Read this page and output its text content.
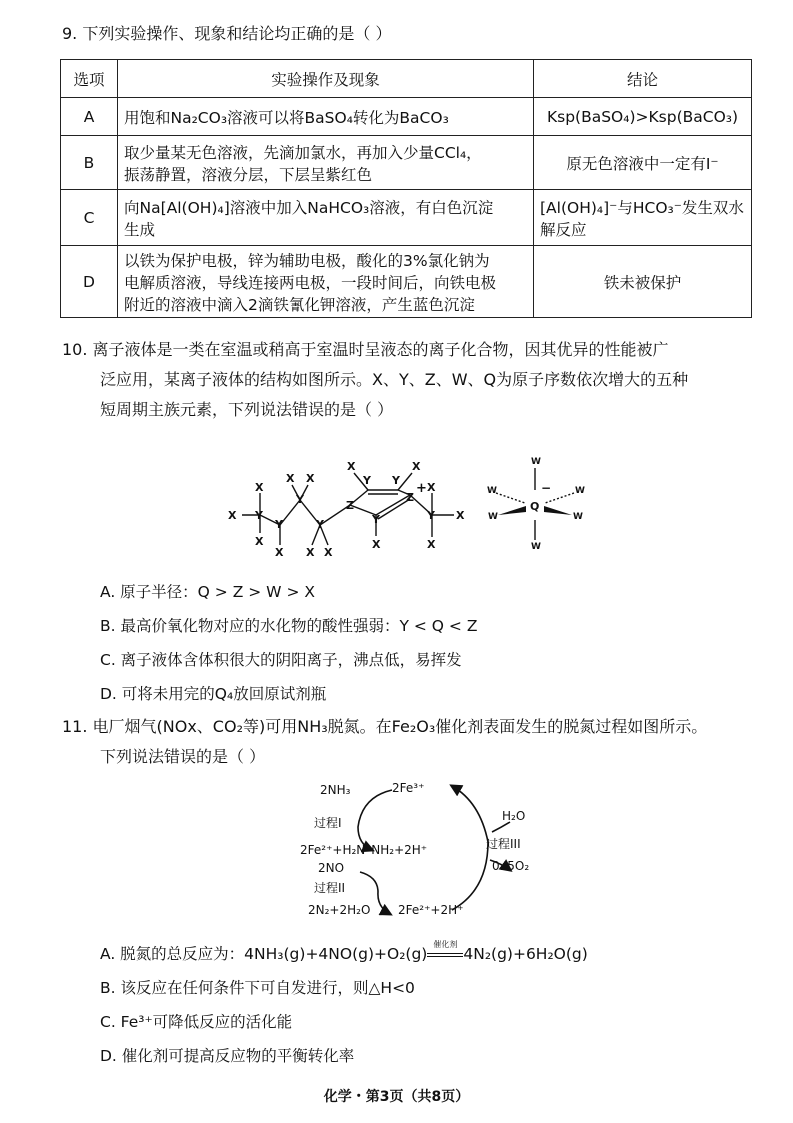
9. 下列实验操作、现象和结论均正确的是（ ）
选项	实验操作及现象	结论
A	用饱和Na₂CO₃溶液可以将BaSO₄转化为BaCO₃	Ksp(BaSO₄)>Ksp(BaCO₃)
B	取少量某无色溶液，先滴加氯水，再加入少量CCl₄，
振荡静置，溶液分层，下层呈紫红色	原无色溶液中一定有I⁻
C	向Na[Al(OH)₄]溶液中加入NaHCO₃溶液，有白色沉淀
生成	[Al(OH)₄]⁻与HCO₃⁻发生双水解反应
D	以铁为保护电极，锌为辅助电极，酸化的3%氯化钠为
电解质溶液，导线连接两电极，一段时间后，向铁电极
附近的溶液中滴入2滴铁氰化钾溶液，产生蓝色沉淀	铁未被保护
10. 离子液体是一类在室温或稍高于室温时呈液态的离子化合物，因其优异的性能被广
泛应用，某离子液体的结构如图所示。X、Y、Z、W、Q为原子序数依次增大的五种
短周期主族元素，下列说法错误的是（ ）
X
X
X
Y
Y
X
Y
X X
Y
X X
Z
Y Y
X	X
Z
+
Y
X
Y
X
X
X
W
W	W
W	W
W
Q
−
A. 原子半径：Q > Z > W > X
B. 最高价氧化物对应的水化物的酸性强弱：Y < Q < Z
C. 离子液体含体积很大的阴阳离子，沸点低，易挥发
D. 可将未用完的Q₄放回原试剂瓶
11. 电厂烟气(NOx、CO₂等)可用NH₃脱氮。在Fe₂O₃催化剂表面发生的脱氮过程如图所示。
下列说法错误的是（ ）
2NH₃	2Fe³⁺
过程I
2Fe²⁺+H₂N–NH₂+2H⁺
2NO
过程II
2N₂+2H₂O 2Fe²⁺+2H⁺
H₂O
过程III
0. 5O₂
A. 脱氮的总反应为：4NH₃(g)+4NO(g)+O₂(g)
催化剂
4N₂(g)+6H₂O(g)
B. 该反应在任何条件下可自发进行，则△H<0
C. Fe³⁺可降低反应的活化能
D. 催化剂可提高反应物的平衡转化率
化学・第3页（共8页）
